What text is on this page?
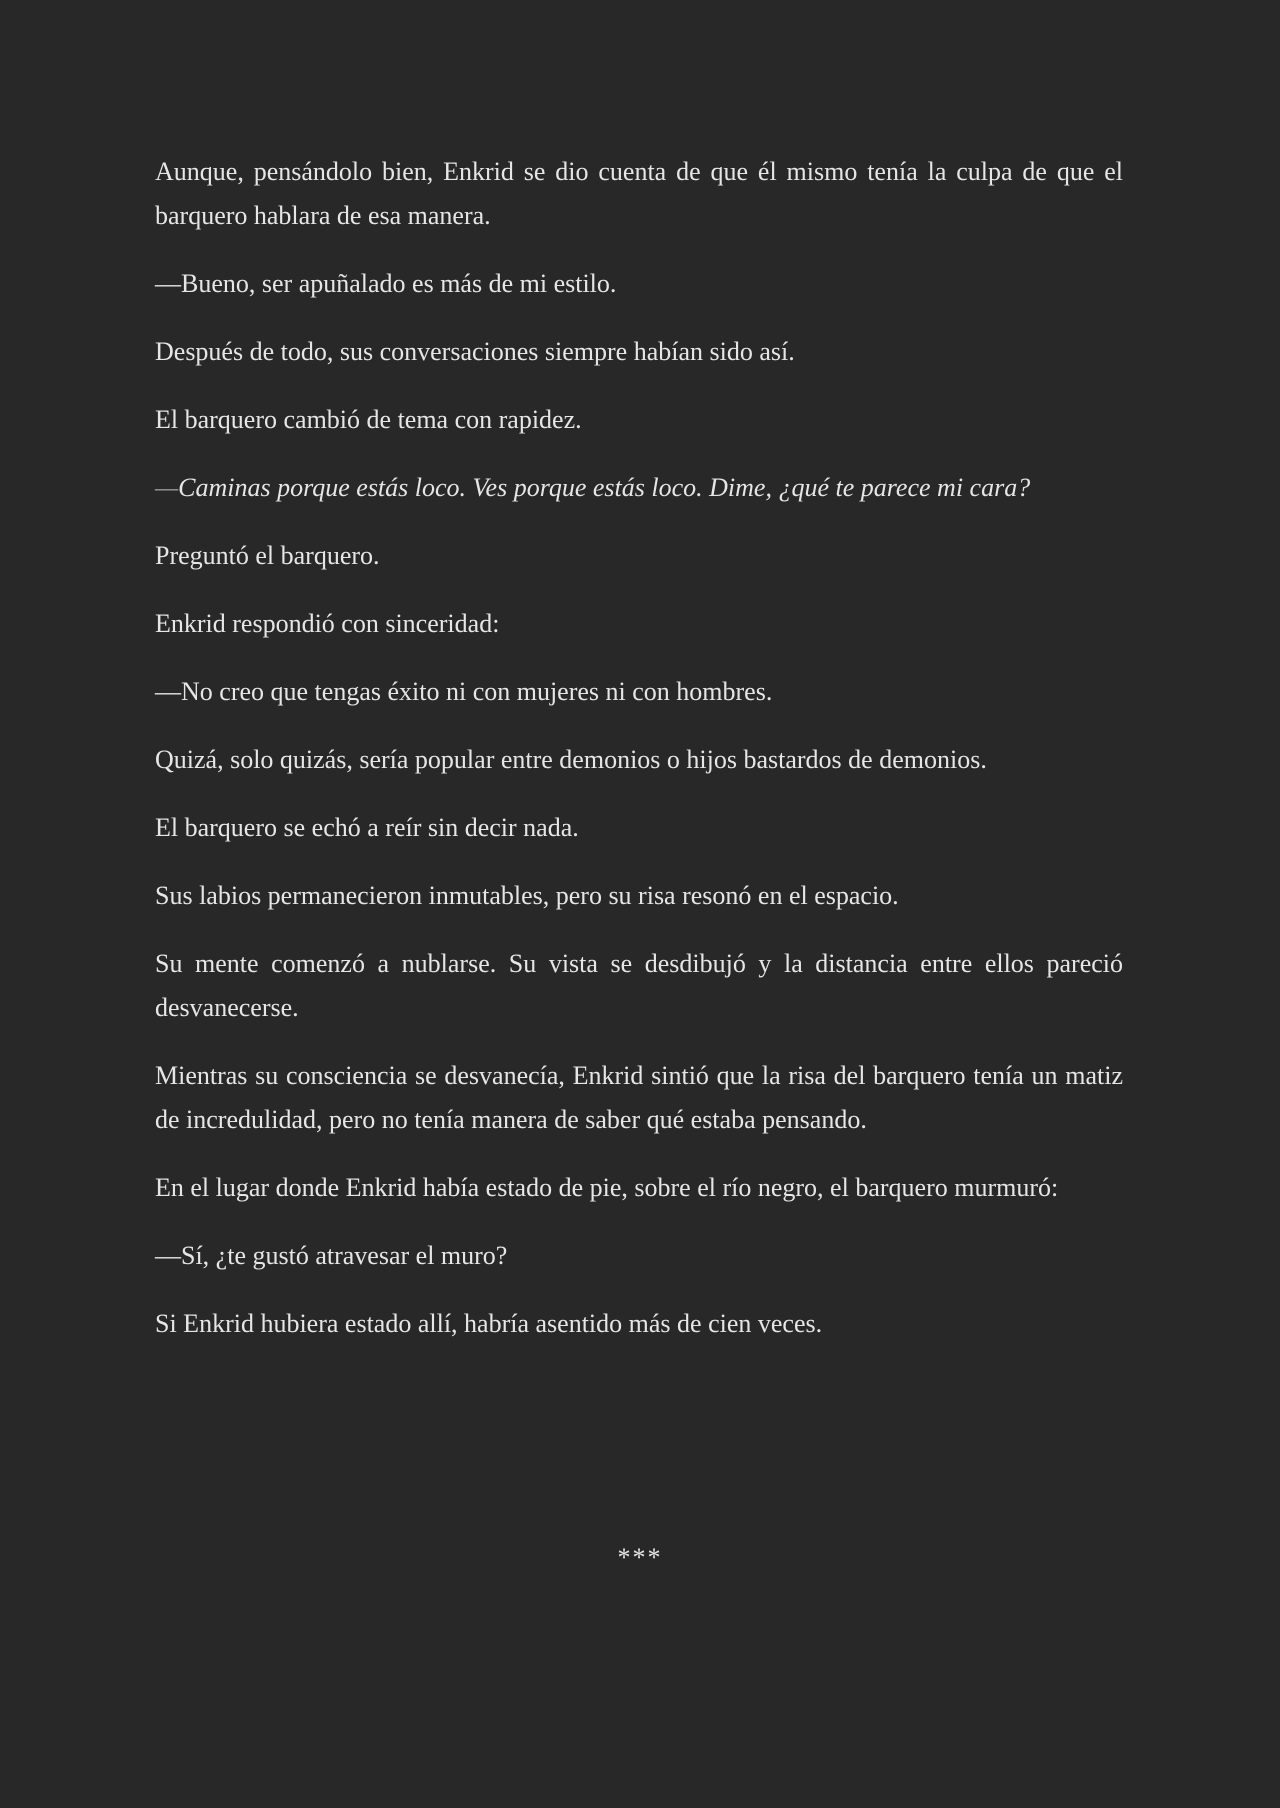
Aunque, pensándolo bien, Enkrid se dio cuenta de que él mismo tenía la culpa de que el barquero hablara de esa manera.

—Bueno, ser apuñalado es más de mi estilo.

Después de todo, sus conversaciones siempre habían sido así.

El barquero cambió de tema con rapidez.

—Caminas porque estás loco. Ves porque estás loco. Dime, ¿qué te parece mi cara?

Preguntó el barquero.

Enkrid respondió con sinceridad:

—No creo que tengas éxito ni con mujeres ni con hombres.

Quizá, solo quizás, sería popular entre demonios o hijos bastardos de demonios.

El barquero se echó a reír sin decir nada.

Sus labios permanecieron inmutables, pero su risa resonó en el espacio.

Su mente comenzó a nublarse. Su vista se desdibujó y la distancia entre ellos pareció desvanecerse.

Mientras su consciencia se desvanecía, Enkrid sintió que la risa del barquero tenía un matiz de incredulidad, pero no tenía manera de saber qué estaba pensando.

En el lugar donde Enkrid había estado de pie, sobre el río negro, el barquero murmuró:

—Sí, ¿te gustó atravesar el muro?

Si Enkrid hubiera estado allí, habría asentido más de cien veces.

***
